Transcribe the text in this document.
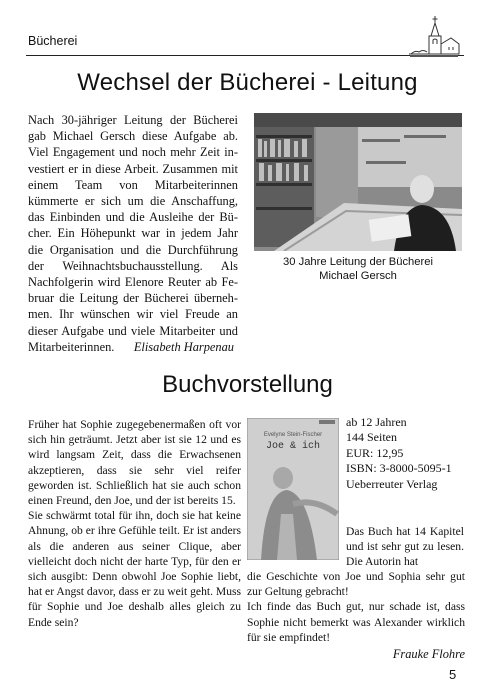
Bücherei
Wechsel der Bücherei - Leitung

Nach 30-jähriger Leitung der Bücherei gab Michael Gersch diese Aufgabe ab. Viel Engagement und noch mehr Zeit investiert er in diese Arbeit. Zusammen mit einem Team von Mitarbeiterinnen kümmerte er sich um die Anschaffung, das Einbinden und die Ausleihe der Bücher. Ein Höhepunkt war in jedem Jahr die Organisation und die Durchführung der Weihnachtsbuchausstellung. Als Nachfolgerin wird Elenore Reuter ab Februar die Leitung der Bücherei übernehmen. Ihr wünschen wir viel Freude an dieser Aufgabe und viele Mitarbeiter und Mitarbeiterinnen.	Elisabeth Harpenau
30 Jahre Leitung der Bücherei
Michael Gersch
Buchvorstellung
Früher hat Sophie zugegebenermaßen oft vor sich hin geträumt. Jetzt aber ist sie 12 und es wird langsam Zeit, dass die Erwachsenen akzeptieren, dass sie sehr viel reifer geworden ist. Schließlich hat sie auch schon einen Freund, den Joe, und der ist bereits 15.
Sie schwärmt total für ihn, doch sie hat keine Ahnung, ob er ihre Gefühle teilt. Er ist anders als die anderen aus seiner Clique, aber vielleicht doch nicht der harte Typ, für den er sich ausgibt: Denn obwohl Joe Sophie liebt, hat er Angst davor, dass er zu weit geht. Muss für Sophie und Joe deshalb alles gleich zu Ende sein?
Evelyne Stein-Fischer
Joe & ich
ab 12 Jahren
144 Seiten
EUR: 12,95
ISBN: 3-8000-5095-1
Ueberreuter Verlag

Das Buch hat 14 Kapitel und ist sehr gut zu lesen. Die Autorin hat

die Geschichte von Joe und Sophia sehr gut zur Geltung gebracht!
Ich finde das Buch gut, nur schade ist, dass Sophie nicht bemerkt was Alexander wirklich für sie empfindet!
Frauke Flohre
5
